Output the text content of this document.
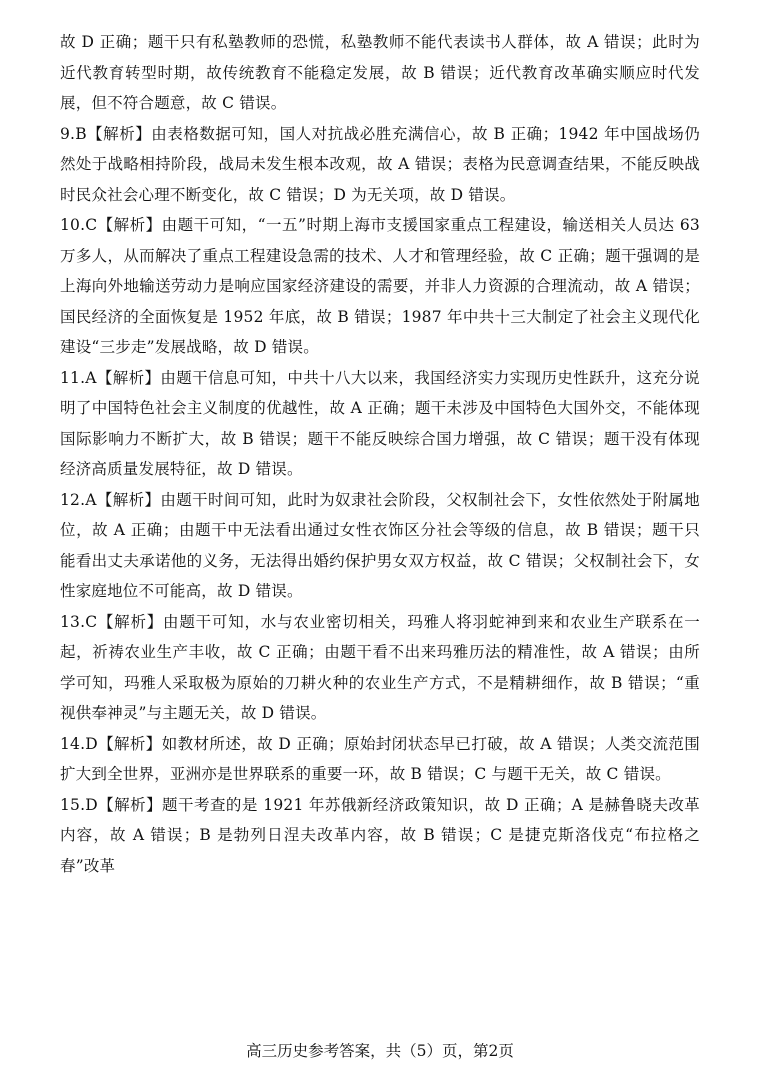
故 D 正确；题干只有私塾教师的恐慌，私塾教师不能代表读书人群体，故 A 错误；此时为近代教育转型时期，故传统教育不能稳定发展，故 B 错误；近代教育改革确实顺应时代发展，但不符合题意，故 C 错误。

9.B【解析】由表格数据可知，国人对抗战必胜充满信心，故 B 正确；1942 年中国战场仍然处于战略相持阶段，战局未发生根本改观，故 A 错误；表格为民意调查结果，不能反映战时民众社会心理不断变化，故 C 错误；D 为无关项，故 D 错误。

10.C【解析】由题干可知，“一五”时期上海市支援国家重点工程建设，输送相关人员达 63 万多人，从而解决了重点工程建设急需的技术、人才和管理经验，故 C 正确；题干强调的是上海向外地输送劳动力是响应国家经济建设的需要，并非人力资源的合理流动，故 A 错误；国民经济的全面恢复是 1952 年底，故 B 错误；1987 年中共十三大制定了社会主义现代化建设“三步走”发展战略，故 D 错误。

11.A【解析】由题干信息可知，中共十八大以来，我国经济实力实现历史性跃升，这充分说明了中国特色社会主义制度的优越性，故 A 正确；题干未涉及中国特色大国外交，不能体现国际影响力不断扩大，故 B 错误；题干不能反映综合国力增强，故 C 错误；题干没有体现经济高质量发展特征，故 D 错误。

12.A【解析】由题干时间可知，此时为奴隶社会阶段，父权制社会下，女性依然处于附属地位，故 A 正确；由题干中无法看出通过女性衣饰区分社会等级的信息，故 B 错误；题干只能看出丈夫承诺他的义务，无法得出婚约保护男女双方权益，故 C 错误；父权制社会下，女性家庭地位不可能高，故 D 错误。

13.C【解析】由题干可知，水与农业密切相关，玛雅人将羽蛇神到来和农业生产联系在一起，祈祷农业生产丰收，故 C 正确；由题干看不出来玛雅历法的精准性，故 A 错误；由所学可知，玛雅人采取极为原始的刀耕火种的农业生产方式，不是精耕细作，故 B 错误；“重视供奉神灵”与主题无关，故 D 错误。

14.D【解析】如教材所述，故 D 正确；原始封闭状态早已打破，故 A 错误；人类交流范围扩大到全世界，亚洲亦是世界联系的重要一环，故 B 错误；C 与题干无关，故 C 错误。

15.D【解析】题干考查的是 1921 年苏俄新经济政策知识，故 D 正确；A 是赫鲁晓夫改革内容，故 A 错误；B 是勃列日涅夫改革内容，故 B 错误；C 是捷克斯洛伐克“布拉格之春”改革

高三历史参考答案，共（5）页，第2页
